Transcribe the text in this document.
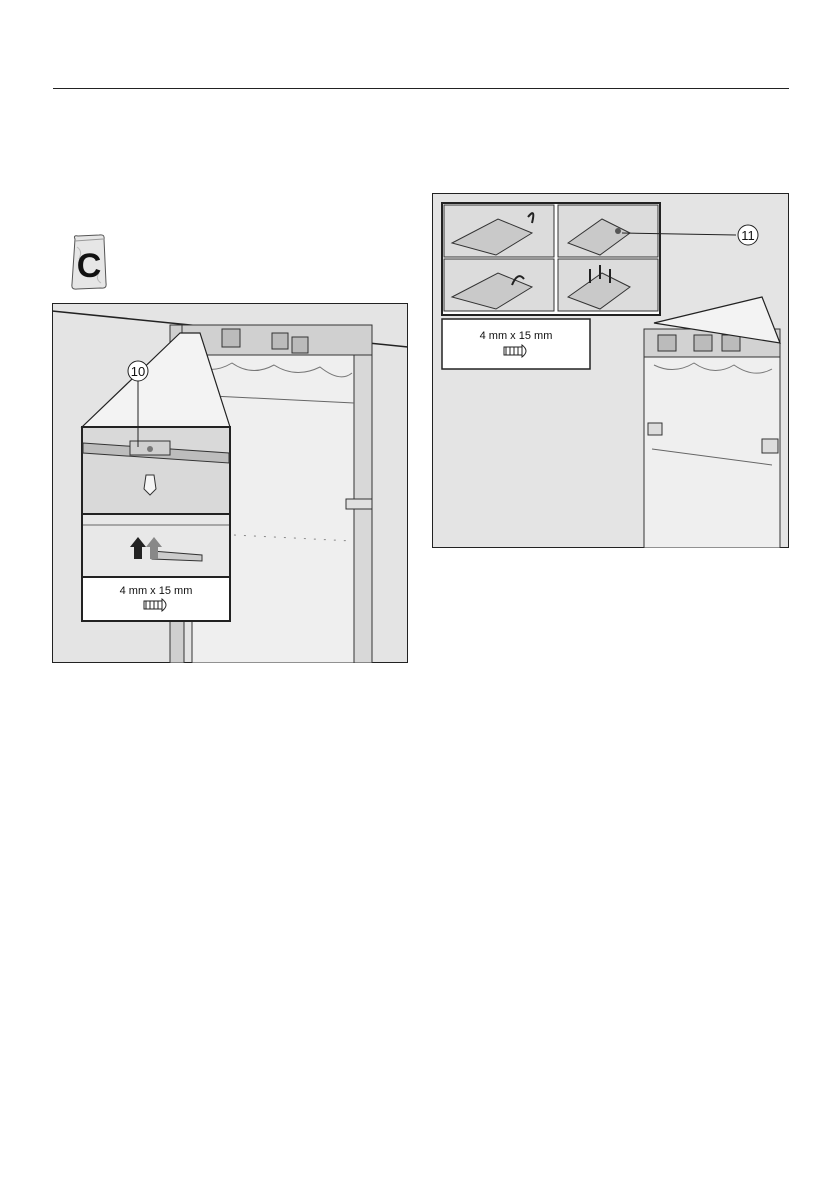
C
4 mm x 15 mm
10
4 mm x 15 mm
11
